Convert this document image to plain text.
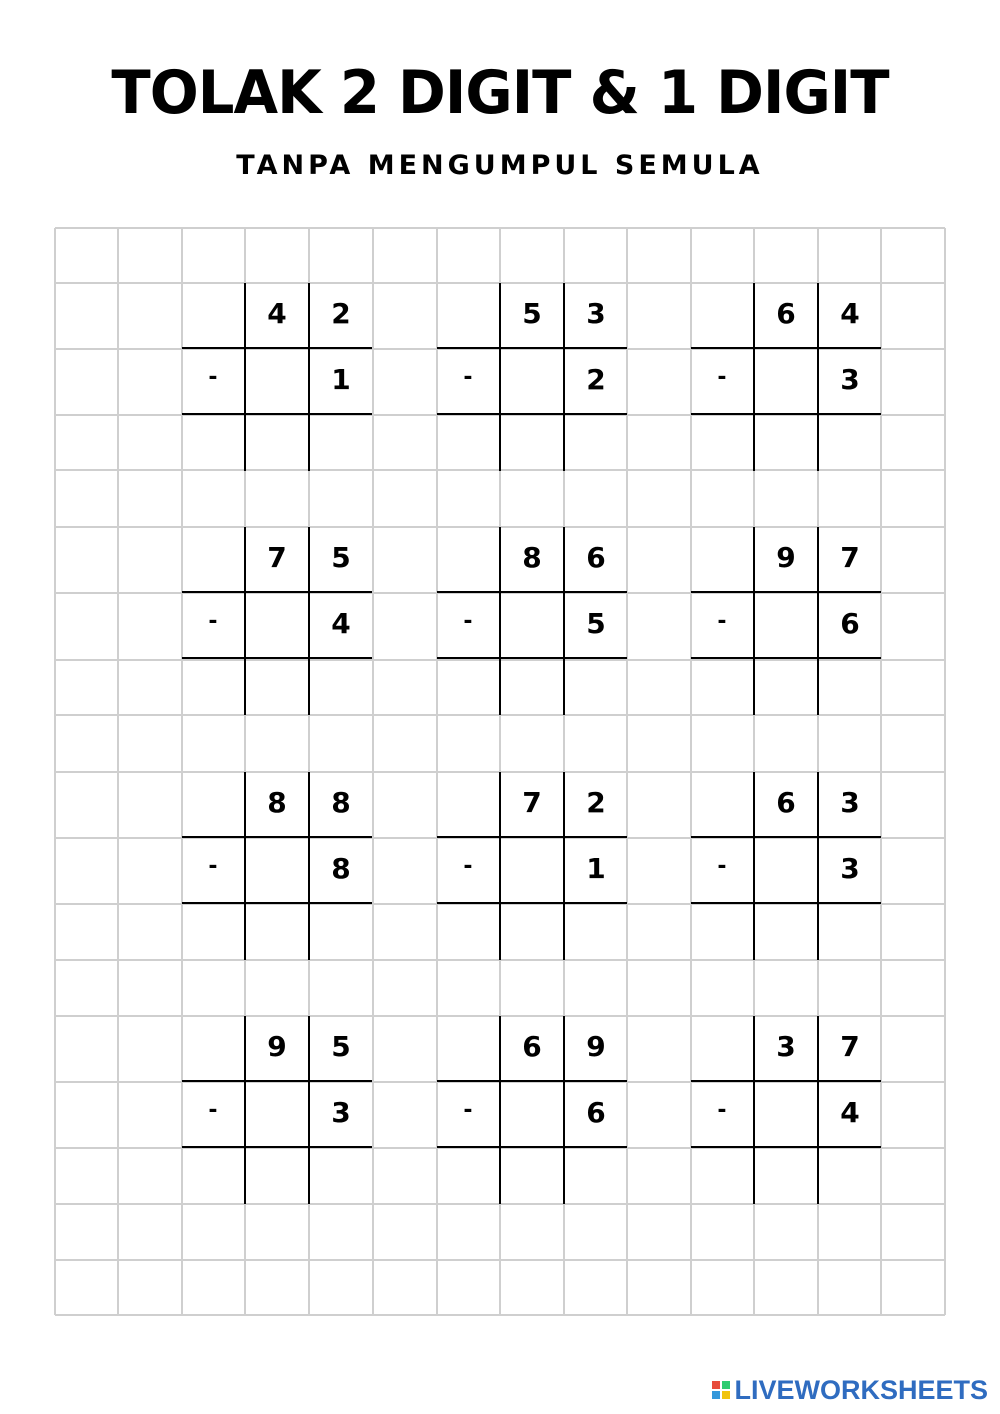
TOLAK 2 DIGIT & 1 DIGIT
TANPA MENGUMPUL SEMULA
4	2
-	1
5	3
-	2
6	4
-	3
7	5
-	4
8	6
-	5
9	7
-	6
8	8
-	8
7	2
-	1
6	3
-	3
9	5
-	3
6	9
-	6
3	7
-	4
LIVEWORKSHEETS
